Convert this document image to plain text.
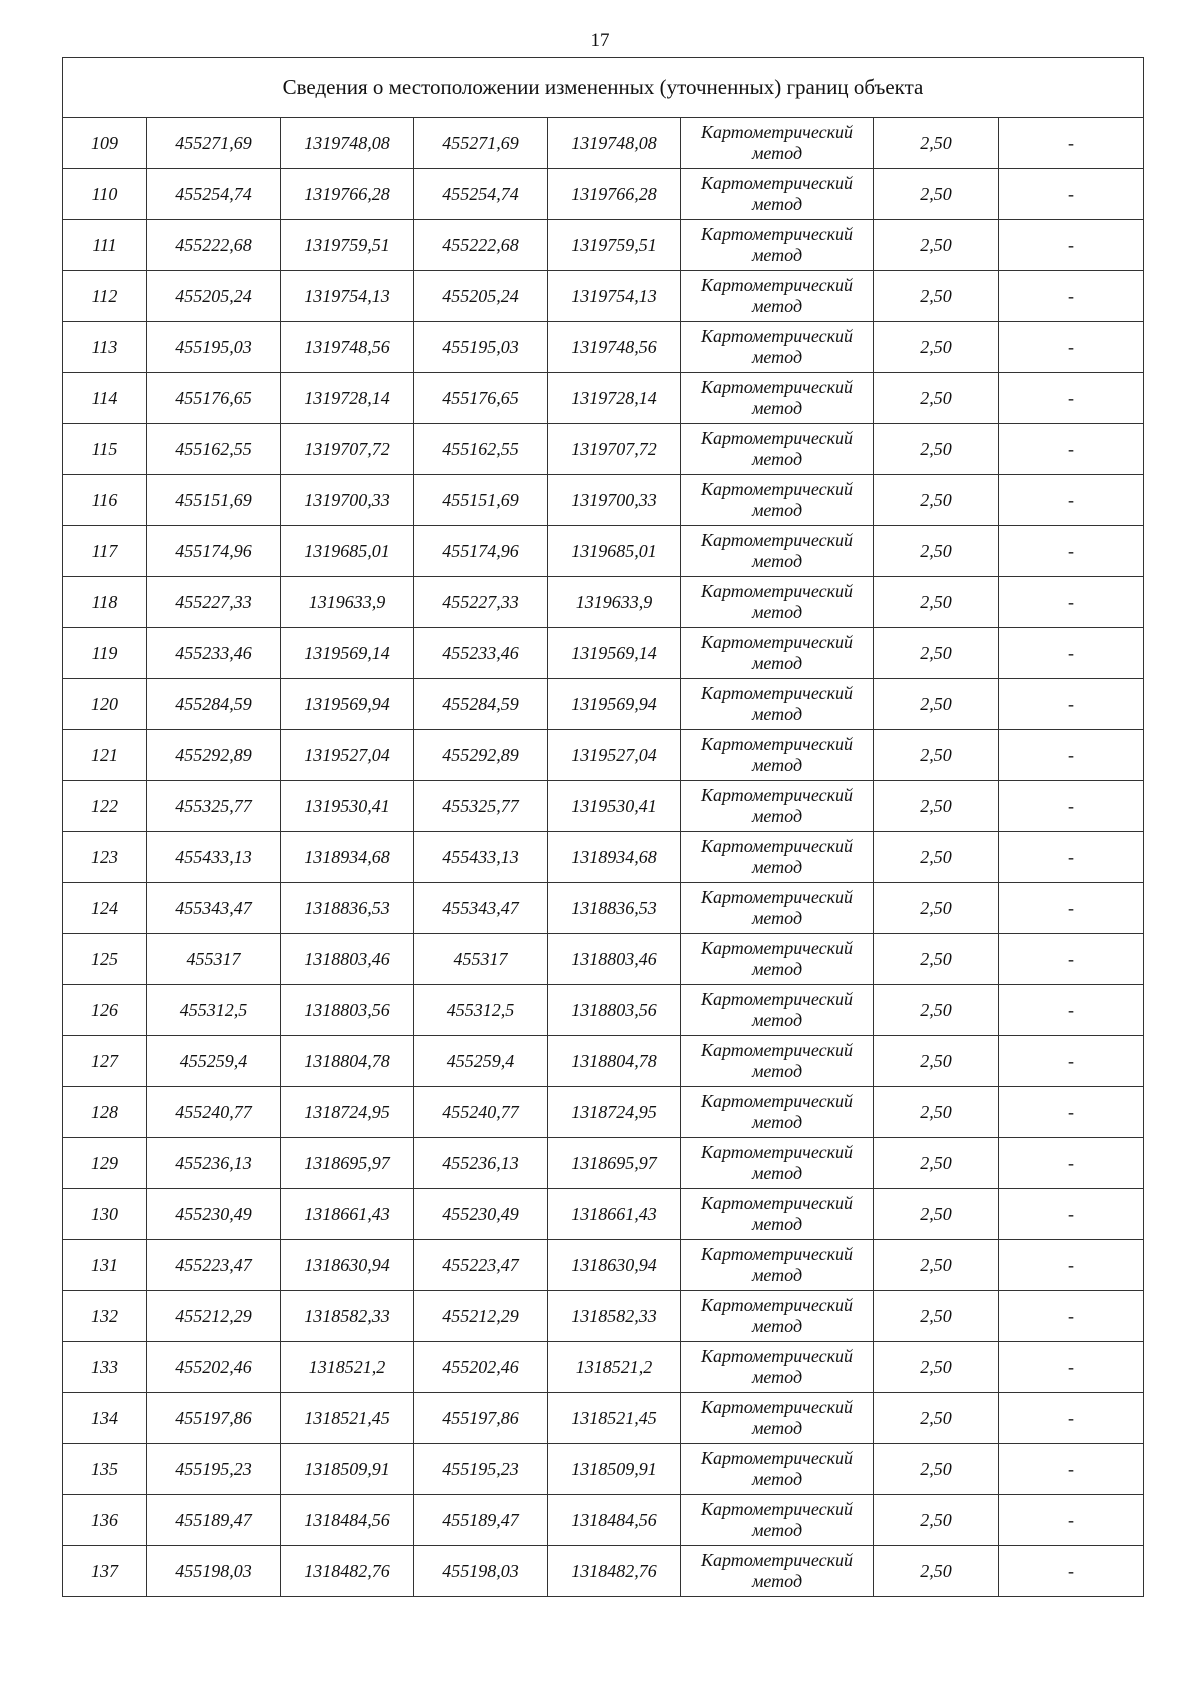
17
Сведения о местоположении измененных (уточненных) границ объекта							
109	455271,69	1319748,08	455271,69	1319748,08	Картометрический
метод	2,50	-
110	455254,74	1319766,28	455254,74	1319766,28	Картометрический
метод	2,50	-
111	455222,68	1319759,51	455222,68	1319759,51	Картометрический
метод	2,50	-
112	455205,24	1319754,13	455205,24	1319754,13	Картометрический
метод	2,50	-
113	455195,03	1319748,56	455195,03	1319748,56	Картометрический
метод	2,50	-
114	455176,65	1319728,14	455176,65	1319728,14	Картометрический
метод	2,50	-
115	455162,55	1319707,72	455162,55	1319707,72	Картометрический
метод	2,50	-
116	455151,69	1319700,33	455151,69	1319700,33	Картометрический
метод	2,50	-
117	455174,96	1319685,01	455174,96	1319685,01	Картометрический
метод	2,50	-
118	455227,33	1319633,9	455227,33	1319633,9	Картометрический
метод	2,50	-
119	455233,46	1319569,14	455233,46	1319569,14	Картометрический
метод	2,50	-
120	455284,59	1319569,94	455284,59	1319569,94	Картометрический
метод	2,50	-
121	455292,89	1319527,04	455292,89	1319527,04	Картометрический
метод	2,50	-
122	455325,77	1319530,41	455325,77	1319530,41	Картометрический
метод	2,50	-
123	455433,13	1318934,68	455433,13	1318934,68	Картометрический
метод	2,50	-
124	455343,47	1318836,53	455343,47	1318836,53	Картометрический
метод	2,50	-
125	455317	1318803,46	455317	1318803,46	Картометрический
метод	2,50	-
126	455312,5	1318803,56	455312,5	1318803,56	Картометрический
метод	2,50	-
127	455259,4	1318804,78	455259,4	1318804,78	Картометрический
метод	2,50	-
128	455240,77	1318724,95	455240,77	1318724,95	Картометрический
метод	2,50	-
129	455236,13	1318695,97	455236,13	1318695,97	Картометрический
метод	2,50	-
130	455230,49	1318661,43	455230,49	1318661,43	Картометрический
метод	2,50	-
131	455223,47	1318630,94	455223,47	1318630,94	Картометрический
метод	2,50	-
132	455212,29	1318582,33	455212,29	1318582,33	Картометрический
метод	2,50	-
133	455202,46	1318521,2	455202,46	1318521,2	Картометрический
метод	2,50	-
134	455197,86	1318521,45	455197,86	1318521,45	Картометрический
метод	2,50	-
135	455195,23	1318509,91	455195,23	1318509,91	Картометрический
метод	2,50	-
136	455189,47	1318484,56	455189,47	1318484,56	Картометрический
метод	2,50	-
137	455198,03	1318482,76	455198,03	1318482,76	Картометрический
метод	2,50	-
